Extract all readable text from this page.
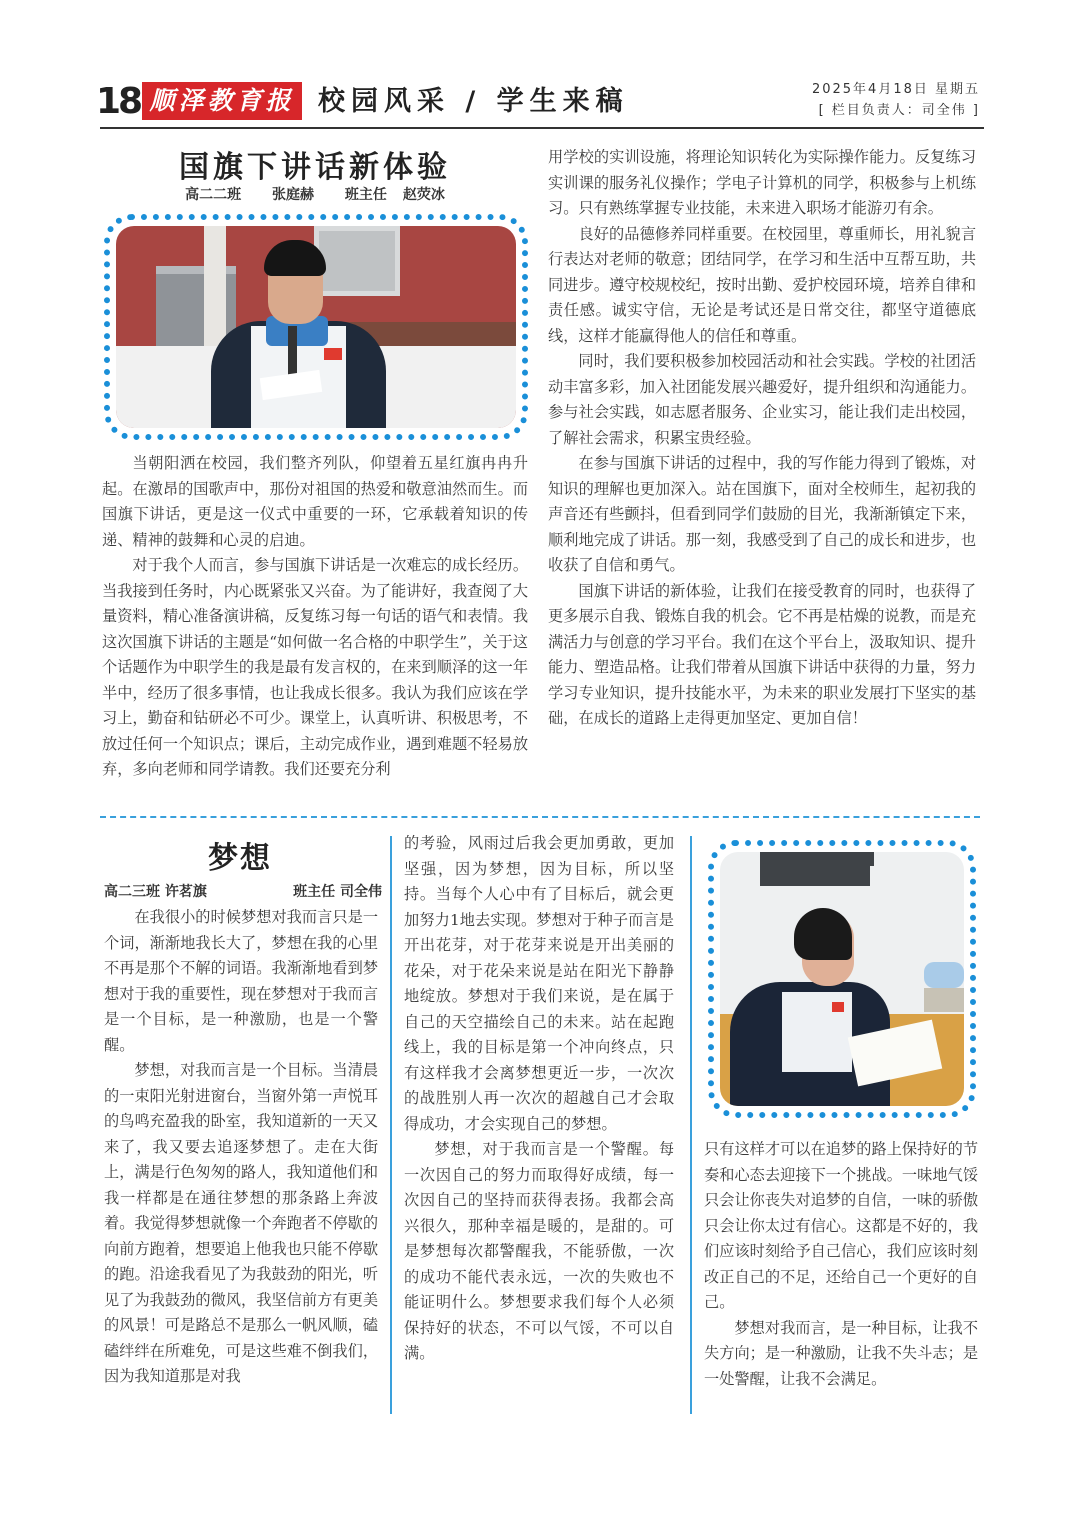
18 顺泽教育报 校园风采 / 学生来稿	2025年4月18日 星期五
[ 栏目负责人：司全伟 ]
国旗下讲话新体验
高二二班 张庭赫 班主任 赵荧冰

当朝阳洒在校园，我们整齐列队，仰望着五星红旗冉冉升起。在激昂的国歌声中，那份对祖国的热爱和敬意油然而生。而国旗下讲话，更是这一仪式中重要的一环，它承载着知识的传递、精神的鼓舞和心灵的启迪。

对于我个人而言，参与国旗下讲话是一次难忘的成长经历。当我接到任务时，内心既紧张又兴奋。为了能讲好，我查阅了大量资料，精心准备演讲稿，反复练习每一句话的语气和表情。我这次国旗下讲话的主题是“如何做一名合格的中职学生”，关于这个话题作为中职学生的我是最有发言权的，在来到顺泽的这一年半中，经历了很多事情，也让我成长很多。我认为我们应该在学习上，勤奋和钻研必不可少。课堂上，认真听讲、积极思考，不放过任何一个知识点；课后，主动完成作业，遇到难题不轻易放弃，多向老师和同学请教。我们还要充分利

用学校的实训设施，将理论知识转化为实际操作能力。反复练习实训课的服务礼仪操作；学电子计算机的同学，积极参与上机练习。只有熟练掌握专业技能，未来进入职场才能游刃有余。

良好的品德修养同样重要。在校园里，尊重师长，用礼貌言行表达对老师的敬意；团结同学，在学习和生活中互帮互助，共同进步。遵守校规校纪，按时出勤、爱护校园环境，培养自律和责任感。诚实守信，无论是考试还是日常交往，都坚守道德底线，这样才能赢得他人的信任和尊重。

同时，我们要积极参加校园活动和社会实践。学校的社团活动丰富多彩，加入社团能发展兴趣爱好，提升组织和沟通能力。参与社会实践，如志愿者服务、企业实习，能让我们走出校园，了解社会需求，积累宝贵经验。

在参与国旗下讲话的过程中，我的写作能力得到了锻炼，对知识的理解也更加深入。站在国旗下，面对全校师生，起初我的声音还有些颤抖，但看到同学们鼓励的目光，我渐渐镇定下来，顺利地完成了讲话。那一刻，我感受到了自己的成长和进步，也收获了自信和勇气。

国旗下讲话的新体验，让我们在接受教育的同时，也获得了更多展示自我、锻炼自我的机会。它不再是枯燥的说教，而是充满活力与创意的学习平台。我们在这个平台上，汲取知识、提升能力、塑造品格。让我们带着从国旗下讲话中获得的力量，努力学习专业知识，提升技能水平，为未来的职业发展打下坚实的基础，在成长的道路上走得更加坚定、更加自信！

梦想
高二三班 许茗旗	班主任 司全伟

在我很小的时候梦想对我而言只是一个词，渐渐地我长大了，梦想在我的心里不再是那个不解的词语。我渐渐地看到梦想对于我的重要性，现在梦想对于我而言是一个目标，是一种激励，也是一个警醒。

梦想，对我而言是一个目标。当清晨的一束阳光射进窗台，当窗外第一声悦耳的鸟鸣充盈我的卧室，我知道新的一天又来了，我又要去追逐梦想了。走在大街上，满是行色匆匆的路人，我知道他们和我一样都是在通往梦想的那条路上奔波着。我觉得梦想就像一个奔跑者不停歇的向前方跑着，想要追上他我也只能不停歇的跑。沿途我看见了为我鼓劲的阳光，听见了为我鼓劲的微风，我坚信前方有更美的风景！可是路总不是那么一帆风顺，磕磕绊绊在所难免，可是这些难不倒我们，因为我知道那是对我

的考验，风雨过后我会更加勇敢，更加坚强，因为梦想，因为目标，所以坚持。当每个人心中有了目标后，就会更加努力1地去实现。梦想对于种子而言是开出花芽，对于花芽来说是开出美丽的花朵，对于花朵来说是站在阳光下静静地绽放。梦想对于我们来说，是在属于自己的天空描绘自己的未来。站在起跑线上，我的目标是第一个冲向终点，只有这样我才会离梦想更近一步，一次次的战胜别人再一次次的超越自己才会取得成功，才会实现自己的梦想。

梦想，对于我而言是一个警醒。每一次因自己的努力而取得好成绩，每一次因自己的坚持而获得表扬。我都会高兴很久，那种幸福是暖的，是甜的。可是梦想每次都警醒我，不能骄傲，一次的成功不能代表永远，一次的失败也不能证明什么。梦想要求我们每个人必须保持好的状态，不可以气馁，不可以自满。

只有这样才可以在追梦的路上保持好的节奏和心态去迎接下一个挑战。一味地气馁只会让你丧失对追梦的自信，一味的骄傲只会让你太过有信心。这都是不好的，我们应该时刻给予自己信心，我们应该时刻改正自己的不足，还给自己一个更好的自己。

梦想对我而言，是一种目标，让我不失方向；是一种激励，让我不失斗志；是一处警醒，让我不会满足。
